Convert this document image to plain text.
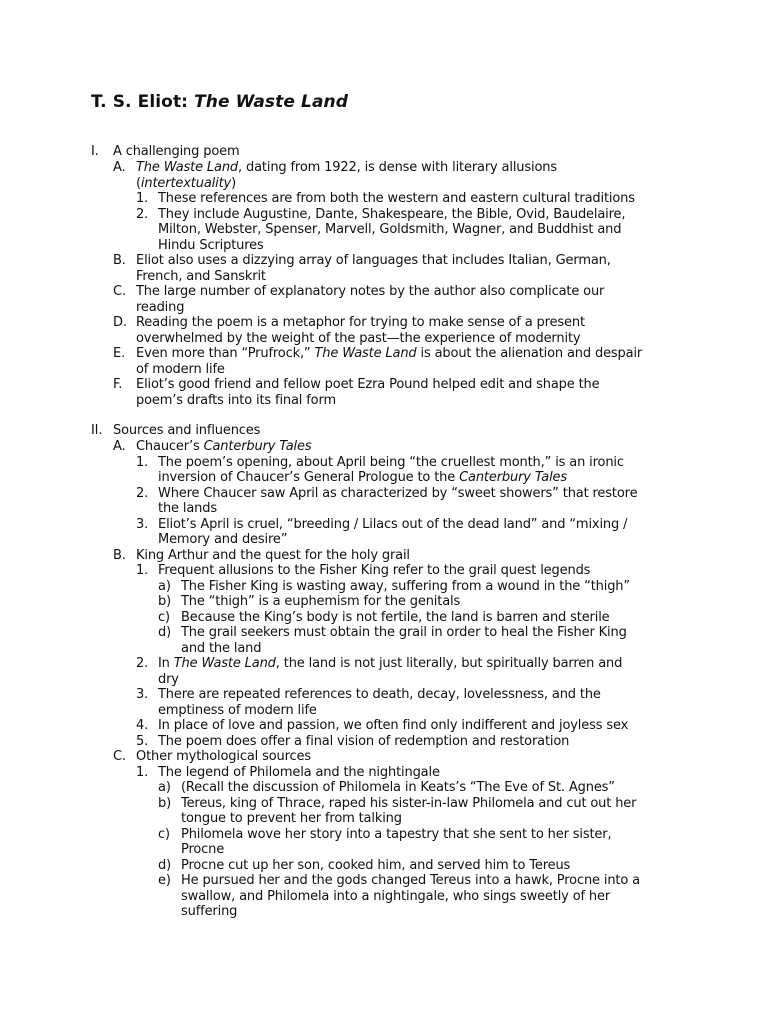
T. S. Eliot: The Waste Land
I. A challenging poem
A. The Waste Land, dating from 1922, is dense with literary allusions
(intertextuality)
1. These references are from both the western and eastern cultural traditions
2. They include Augustine, Dante, Shakespeare, the Bible, Ovid, Baudelaire,
Milton, Webster, Spenser, Marvell, Goldsmith, Wagner, and Buddhist and
Hindu Scriptures
B. Eliot also uses a dizzying array of languages that includes Italian, German,
French, and Sanskrit
C. The large number of explanatory notes by the author also complicate our
reading
D. Reading the poem is a metaphor for trying to make sense of a present
overwhelmed by the weight of the past—the experience of modernity
E. Even more than “Prufrock,” The Waste Land is about the alienation and despair
of modern life
F. Eliot’s good friend and fellow poet Ezra Pound helped edit and shape the
poem’s drafts into its final form
II. Sources and influences
A. Chaucer’s Canterbury Tales
1. The poem’s opening, about April being “the cruellest month,” is an ironic
inversion of Chaucer’s General Prologue to the Canterbury Tales
2. Where Chaucer saw April as characterized by “sweet showers” that restore
the lands
3. Eliot’s April is cruel, “breeding / Lilacs out of the dead land” and “mixing /
Memory and desire”
B. King Arthur and the quest for the holy grail
1. Frequent allusions to the Fisher King refer to the grail quest legends
a) The Fisher King is wasting away, suffering from a wound in the “thigh”
b) The “thigh” is a euphemism for the genitals
c) Because the King’s body is not fertile, the land is barren and sterile
d) The grail seekers must obtain the grail in order to heal the Fisher King
and the land
2. In The Waste Land, the land is not just literally, but spiritually barren and
dry
3. There are repeated references to death, decay, lovelessness, and the
emptiness of modern life
4. In place of love and passion, we often find only indifferent and joyless sex
5. The poem does offer a final vision of redemption and restoration
C. Other mythological sources
1. The legend of Philomela and the nightingale
a) (Recall the discussion of Philomela in Keats’s “The Eve of St. Agnes”
b) Tereus, king of Thrace, raped his sister-in-law Philomela and cut out her
tongue to prevent her from talking
c) Philomela wove her story into a tapestry that she sent to her sister,
Procne
d) Procne cut up her son, cooked him, and served him to Tereus
e) He pursued her and the gods changed Tereus into a hawk, Procne into a
swallow, and Philomela into a nightingale, who sings sweetly of her
suffering
